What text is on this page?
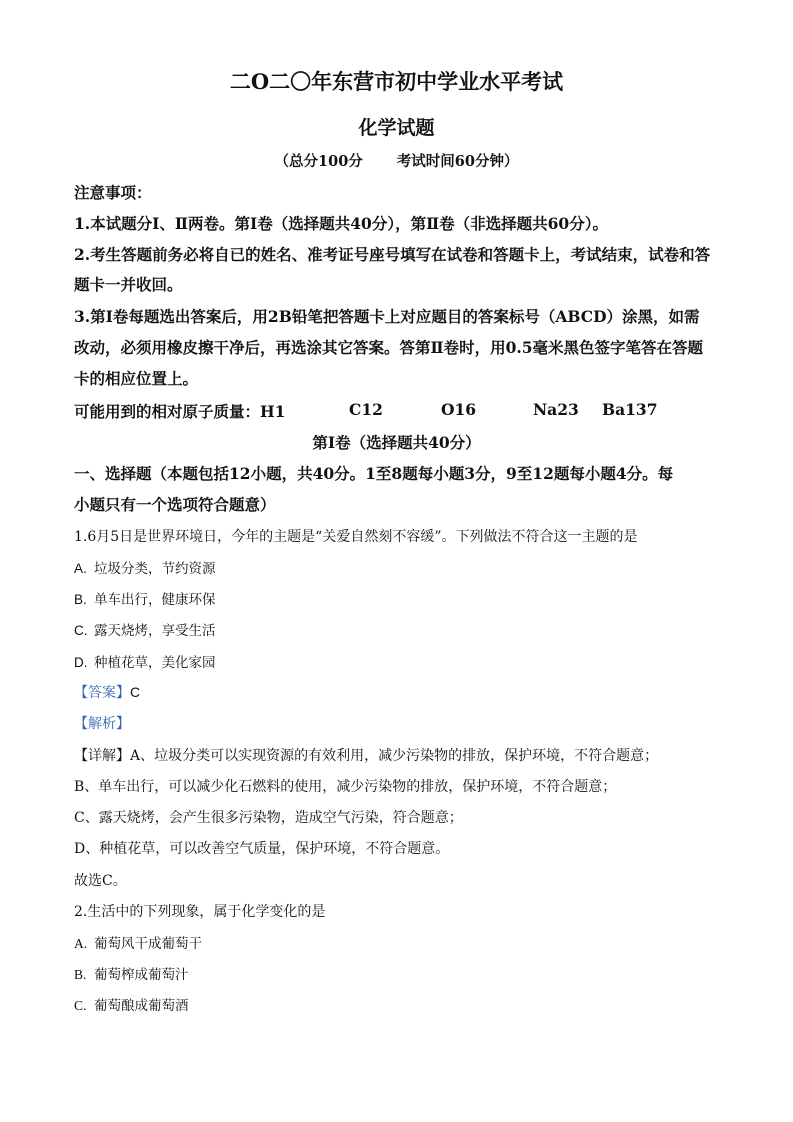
二O二〇年东营市初中学业水平考试
化学试题
（总分100分 考试时间60分钟）
注意事项：
1.本试题分Ⅰ、Ⅱ两卷。第Ⅰ卷（选择题共40分），第Ⅱ卷（非选择题共60分）。
2.考生答题前务必将自已的姓名、准考证号座号填写在试卷和答题卡上，考试结束，试卷和答
题卡一并收回。
3.第Ⅰ卷每题选出答案后，用2B铅笔把答题卡上对应题目的答案标号（ABCD）涂黑，如需
改动，必须用橡皮擦干净后，再选涂其它答案。答第Ⅱ卷时，用0.5毫米黑色签字笔答在答题
卡的相应位置上。
可能用到的相对原子质量：H1	C12	O16	Na23 Ba137
第Ⅰ卷（选择题共40分）
一、选择题（本题包括12小题，共40分。1至8题每小题3分，9至12题每小题4分。每
小题只有一个选项符合题意）
1.6月5日是世界环境日，今年的主题是“关爱自然刻不容缓”。下列做法不符合这一主题的是
A. 垃圾分类，节约资源
B. 单车出行，健康环保
C. 露天烧烤，享受生活
D. 种植花草，美化家园
【答案】C
【解析】
【详解】A、垃圾分类可以实现资源的有效利用，减少污染物的排放，保护环境，不符合题意；
B、单车出行，可以减少化石燃料的使用，减少污染物的排放，保护环境，不符合题意；
C、露天烧烤，会产生很多污染物，造成空气污染，符合题意；
D、种植花草，可以改善空气质量，保护环境，不符合题意。
故选C。
2.生活中的下列现象，属于化学变化的是
A. 葡萄风干成葡萄干
B. 葡萄榨成葡萄汁
C. 葡萄酿成葡萄酒
